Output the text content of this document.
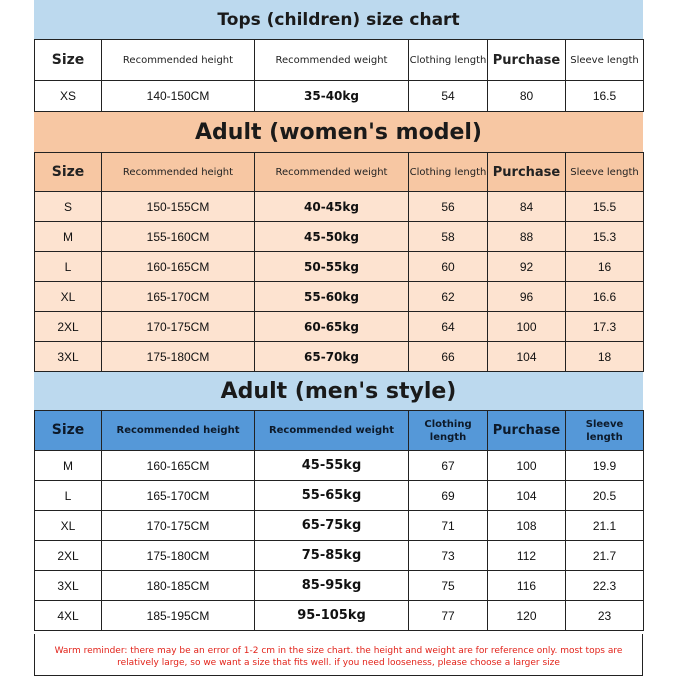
Tops (children) size chart
Size	Recommended height	Recommended weight	Clothing length	Purchase	Sleeve length
XS	140-150CM	35-40kg	54	80	16.5
Adult (women's model)
Size	Recommended height	Recommended weight	Clothing length	Purchase	Sleeve length
S	150-155CM	40-45kg	56	84	15.5
M	155-160CM	45-50kg	58	88	15.3
L	160-165CM	50-55kg	60	92	16
XL	165-170CM	55-60kg	62	96	16.6
2XL	170-175CM	60-65kg	64	100	17.3
3XL	175-180CM	65-70kg	66	104	18
Adult (men's style)
Size	Recommended height	Recommended weight	Clothing length	Purchase	Sleeve length
M	160-165CM	45-55kg	67	100	19.9
L	165-170CM	55-65kg	69	104	20.5
XL	170-175CM	65-75kg	71	108	21.1
2XL	175-180CM	75-85kg	73	112	21.7
3XL	180-185CM	85-95kg	75	116	22.3
4XL	185-195CM	95-105kg	77	120	23
Warm reminder: there may be an error of 1-2 cm in the size chart. the height and weight are for reference only. most tops are relatively large, so we want a size that fits well. if you need looseness, please choose a larger size
